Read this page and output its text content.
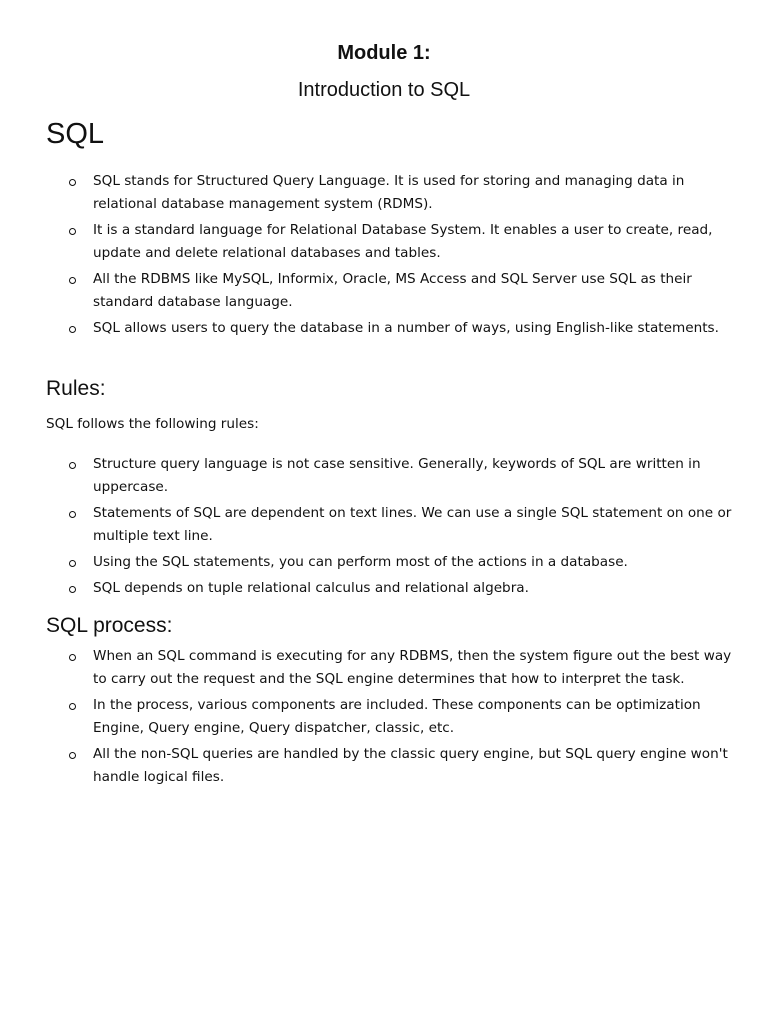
Module 1:
Introduction to SQL
SQL
SQL stands for Structured Query Language. It is used for storing and managing data in relational database management system (RDMS).
It is a standard language for Relational Database System. It enables a user to create, read, update and delete relational databases and tables.
All the RDBMS like MySQL, Informix, Oracle, MS Access and SQL Server use SQL as their standard database language.
SQL allows users to query the database in a number of ways, using English-like statements.
Rules:

SQL follows the following rules:

Structure query language is not case sensitive. Generally, keywords of SQL are written in uppercase.
Statements of SQL are dependent on text lines. We can use a single SQL statement on one or multiple text line.
Using the SQL statements, you can perform most of the actions in a database.
SQL depends on tuple relational calculus and relational algebra.
SQL process:
When an SQL command is executing for any RDBMS, then the system figure out the best way to carry out the request and the SQL engine determines that how to interpret the task.
In the process, various components are included. These components can be optimization Engine, Query engine, Query dispatcher, classic, etc.
All the non-SQL queries are handled by the classic query engine, but SQL query engine won't handle logical files.
